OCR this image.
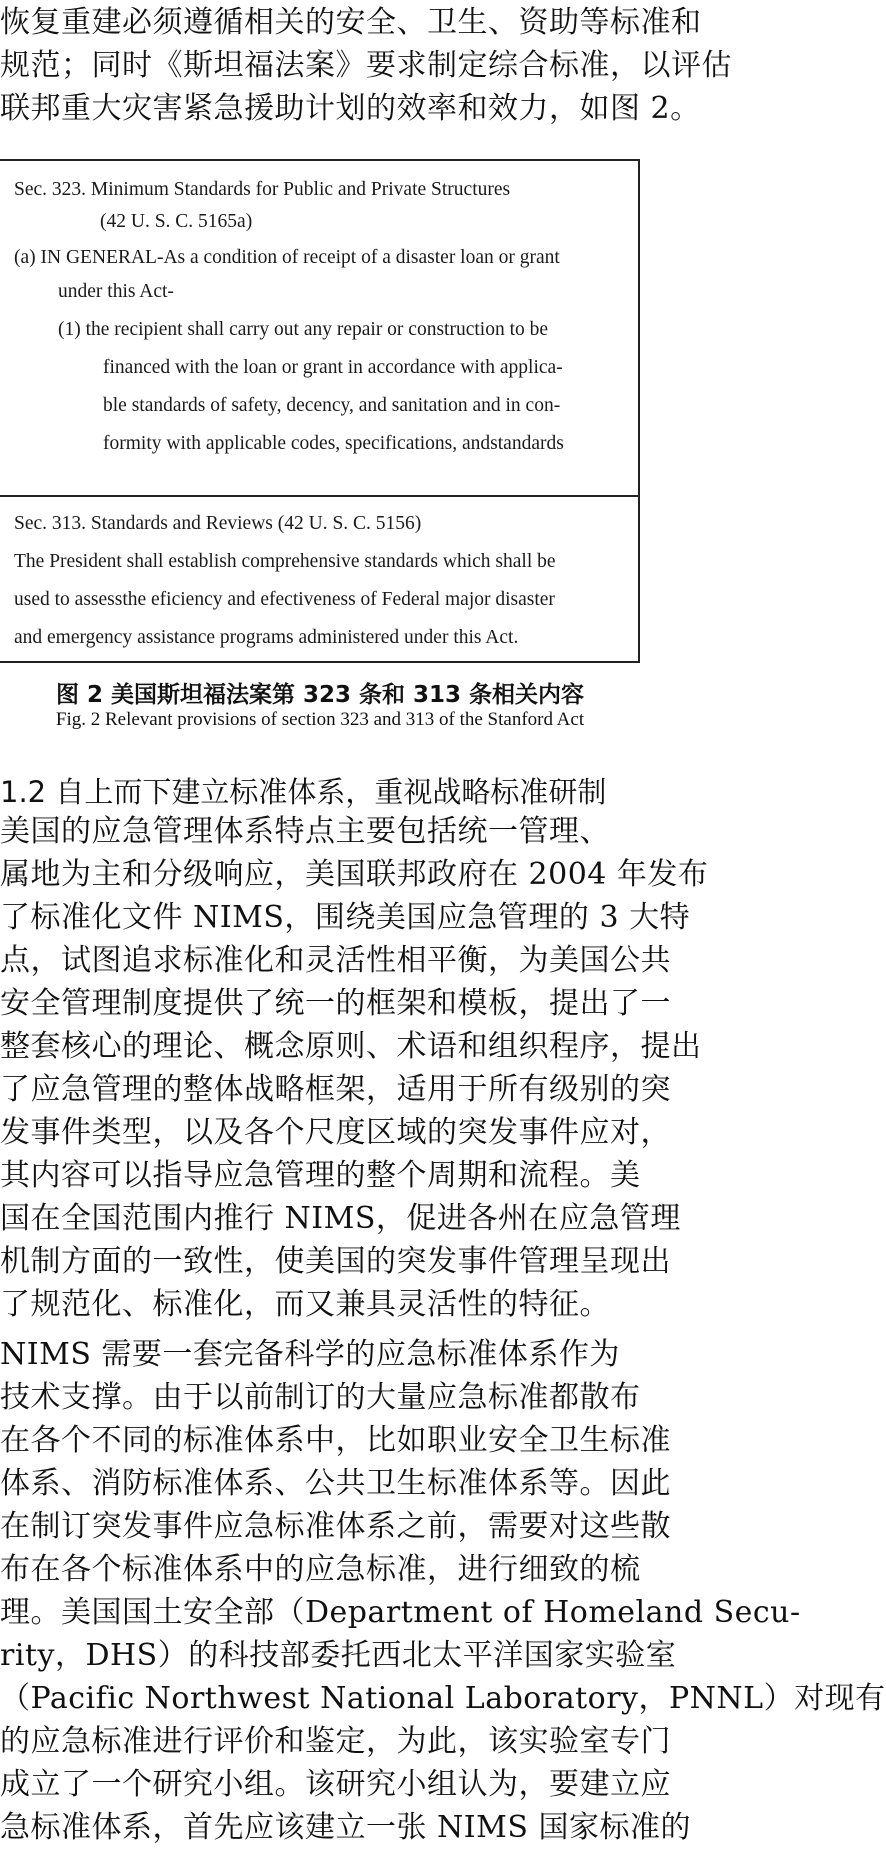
恢复重建必须遵循相关的安全、卫生、资助等标准和
规范；同时《斯坦福法案》要求制定综合标准，以评估
联邦重大灾害紧急援助计划的效率和效力，如图 2。
Sec. 323. Minimum Standards for Public and Private Structures
(42 U. S. C. 5165a)
(a) IN GENERAL-As a condition of receipt of a disaster loan or grant
under this Act-
(1) the recipient shall carry out any repair or construction to be
financed with the loan or grant in accordance with applica-
ble standards of safety, decency, and sanitation and in con-
formity with applicable codes, specifications, andstandards
Sec. 313. Standards and Reviews (42 U. S. C. 5156)
The President shall establish comprehensive standards which shall be
used to assessthe eficiency and efectiveness of Federal major disaster
and emergency assistance programs administered under this Act.
图 2 美国斯坦福法案第 323 条和 313 条相关内容
Fig. 2 Relevant provisions of section 323 and 313 of the Stanford Act
1.2 自上而下建立标准体系，重视战略标准研制
美国的应急管理体系特点主要包括统一管理、
属地为主和分级响应，美国联邦政府在 2004 年发布
了标准化文件 NIMS，围绕美国应急管理的 3 大特
点，试图追求标准化和灵活性相平衡，为美国公共
安全管理制度提供了统一的框架和模板，提出了一
整套核心的理论、概念原则、术语和组织程序，提出
了应急管理的整体战略框架，适用于所有级别的突
发事件类型，以及各个尺度区域的突发事件应对，
其内容可以指导应急管理的整个周期和流程。美
国在全国范围内推行 NIMS，促进各州在应急管理
机制方面的一致性，使美国的突发事件管理呈现出
了规范化、标准化，而又兼具灵活性的特征。
NIMS 需要一套完备科学的应急标准体系作为
技术支撑。由于以前制订的大量应急标准都散布
在各个不同的标准体系中，比如职业安全卫生标准
体系、消防标准体系、公共卫生标准体系等。因此
在制订突发事件应急标准体系之前，需要对这些散
布在各个标准体系中的应急标准，进行细致的梳
理。美国国土安全部（Department of Homeland Secu-
rity，DHS）的科技部委托西北太平洋国家实验室
（Pacific Northwest National Laboratory，PNNL）对现有
的应急标准进行评价和鉴定，为此，该实验室专门
成立了一个研究小组。该研究小组认为，要建立应
急标准体系，首先应该建立一张 NIMS 国家标准的
